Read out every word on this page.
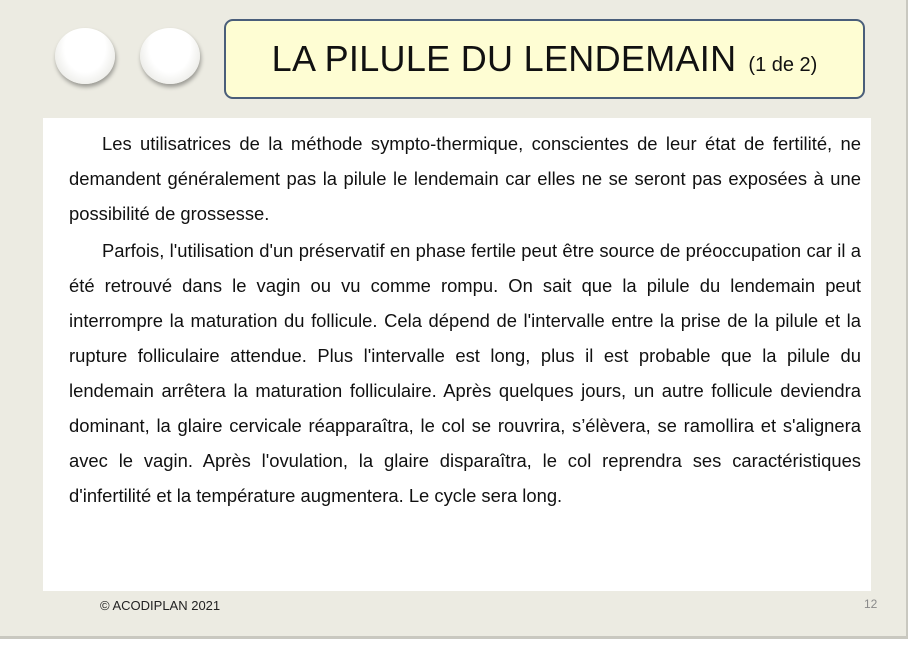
LA PILULE DU LENDEMAIN (1 de 2)

Les utilisatrices de la méthode sympto-thermique, conscientes de leur état de fertilité, ne demandent généralement pas la pilule le lendemain car elles ne se seront pas exposées à une possibilité de grossesse.

Parfois, l'utilisation d'un préservatif en phase fertile peut être source de préoccupation car il a été retrouvé dans le vagin ou vu comme rompu. On sait que la pilule du lendemain peut interrompre la maturation du follicule. Cela dépend de l'intervalle entre la prise de la pilule et la rupture folliculaire attendue. Plus l'intervalle est long, plus il est probable que la pilule du lendemain arrêtera la maturation folliculaire. Après quelques jours, un autre follicule deviendra dominant, la glaire cervicale réapparaîtra, le col se rouvrira, s’élèvera, se ramollira et s'alignera avec le vagin. Après l'ovulation, la glaire disparaîtra, le col reprendra ses caractéristiques d'infertilité et la température augmentera. Le cycle sera long.

© ACODIPLAN 2021	12
